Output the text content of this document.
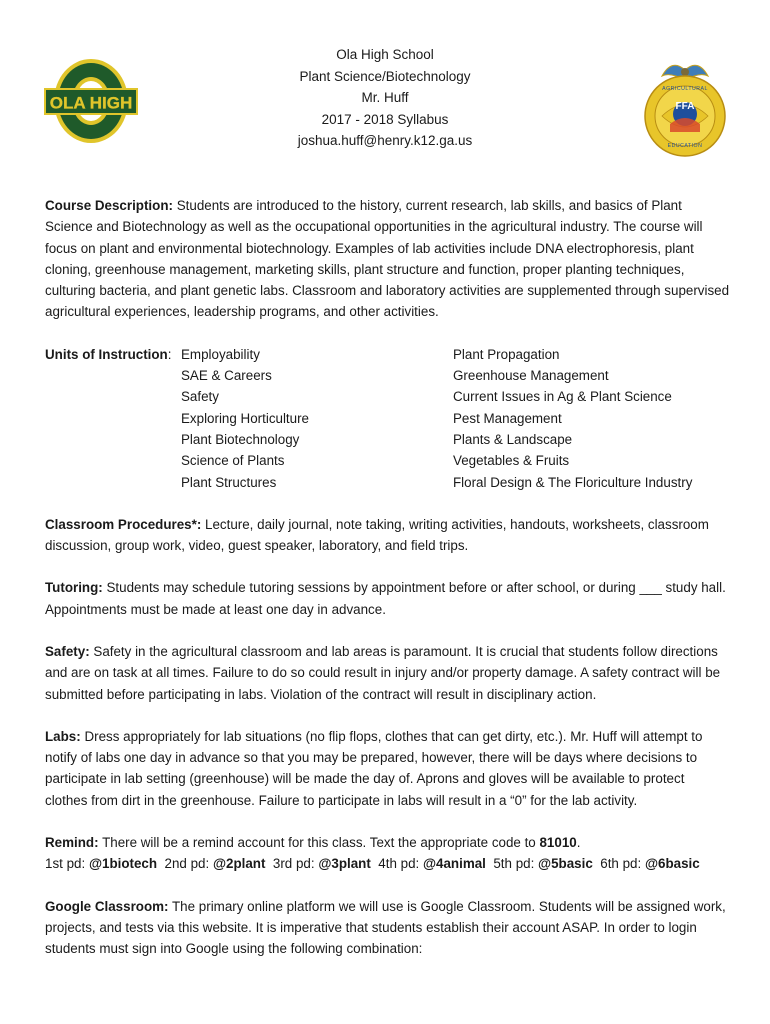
OLA HIGH	FFA
AGRICULTURAL
EDUCATION
Ola High School
Plant Science/Biotechnology
Mr. Huff
2017 - 2018 Syllabus
joshua.huff@henry.k12.ga.us

Course Description: Students are introduced to the history, current research, lab skills, and basics of Plant Science and Biotechnology as well as the occupational opportunities in the agricultural industry. The course will focus on plant and environmental biotechnology. Examples of lab activities include DNA electrophoresis, plant cloning, greenhouse management, marketing skills, plant structure and function, proper planting techniques, culturing bacteria, and plant genetic labs. Classroom and laboratory activities are supplemented through supervised agricultural experiences, leadership programs, and other activities.

Units of Instruction: Employability
SAE & Careers
Safety
Exploring Horticulture
Plant Biotechnology
Science of Plants
Plant Structures
Plant Propagation
Greenhouse Management
Current Issues in Ag & Plant Science
Pest Management
Plants & Landscape
Vegetables & Fruits
Floral Design & The Floriculture Industry

Classroom Procedures*: Lecture, daily journal, note taking, writing activities, handouts, worksheets, classroom discussion, group work, video, guest speaker, laboratory, and field trips.

Tutoring: Students may schedule tutoring sessions by appointment before or after school, or during ___ study hall. Appointments must be made at least one day in advance.

Safety: Safety in the agricultural classroom and lab areas is paramount. It is crucial that students follow directions and are on task at all times. Failure to do so could result in injury and/or property damage. A safety contract will be submitted before participating in labs. Violation of the contract will result in disciplinary action.

Labs: Dress appropriately for lab situations (no flip flops, clothes that can get dirty, etc.). Mr. Huff will attempt to notify of labs one day in advance so that you may be prepared, however, there will be days where decisions to participate in lab setting (greenhouse) will be made the day of. Aprons and gloves will be available to protect clothes from dirt in the greenhouse. Failure to participate in labs will result in a “0” for the lab activity.

Remind: There will be a remind account for this class. Text the appropriate code to 81010.
1st pd: @1biotech 2nd pd: @2plant 3rd pd: @3plant 4th pd: @4animal 5th pd: @5basic 6th pd: @6basic

Google Classroom: The primary online platform we will use is Google Classroom. Students will be assigned work, projects, and tests via this website. It is imperative that students establish their account ASAP. In order to login students must sign into Google using the following combination:
